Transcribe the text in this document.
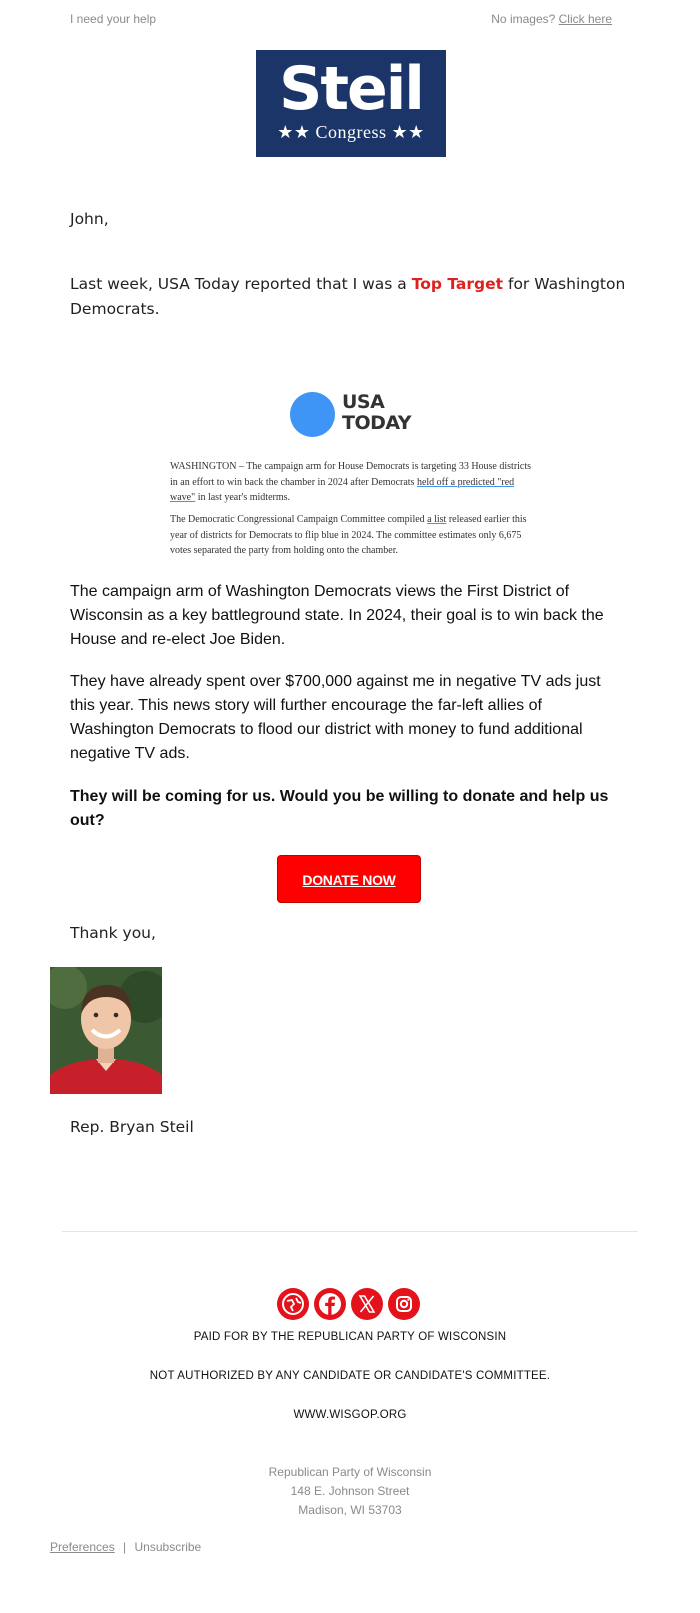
I need your help	No images? Click here
Steil
★★ Congress ★★
John,
Last week, USA Today reported that I was a Top Target for Washington Democrats.
USA
TODAY
WASHINGTON – The campaign arm for House Democrats is targeting 33 House districts in an effort to win back the chamber in 2024 after Democrats held off a predicted "red wave" in last year's midterms.
The Democratic Congressional Campaign Committee compiled a list released earlier this year of districts for Democrats to flip blue in 2024. The committee estimates only 6,675 votes separated the party from holding onto the chamber.
The campaign arm of Washington Democrats views the First District of Wisconsin as a key battleground state. In 2024, their goal is to win back the House and re-elect Joe Biden.
They have already spent over $700,000 against me in negative TV ads just this year. This news story will further encourage the far-left allies of Washington Democrats to flood our district with money to fund additional negative TV ads.
They will be coming for us. Would you be willing to donate and help us out?
DONATE NOW
Thank you,
Rep. Bryan Steil
PAID FOR BY THE REPUBLICAN PARTY OF WISCONSIN
NOT AUTHORIZED BY ANY CANDIDATE OR CANDIDATE'S COMMITTEE.
WWW.WISGOP.ORG
Republican Party of Wisconsin
148 E. Johnson Street
Madison, WI 53703
Preferences | Unsubscribe
